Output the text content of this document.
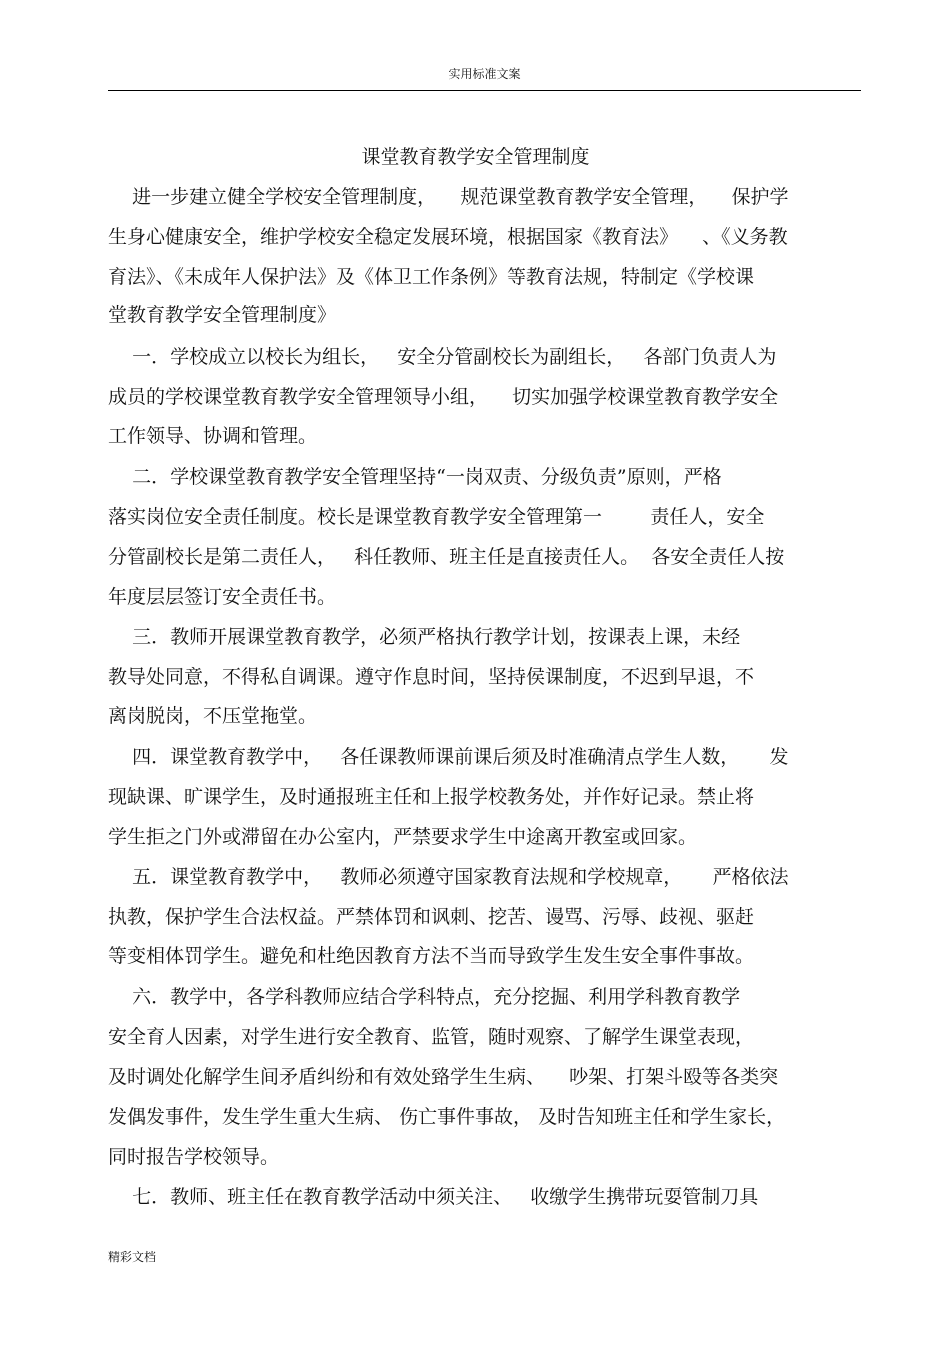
实用标准文案
课堂教育教学安全管理制度
进一步建立健全学校安全管理制度，    规范课堂教育教学安全管理，    保护学
生身心健康安全，维护学校安全稳定发展环境，根据国家《教育法》    、《义务教
育法》、《未成年人保护法》及《体卫工作条例》等教育法规，特制定《学校课
堂教育教学安全管理制度》
一．学校成立以校长为组长，   安全分管副校长为副组长，   各部门负责人为
成员的学校课堂教育教学安全管理领导小组，    切实加强学校课堂教育教学安全
工作领导、协调和管理。
二．学校课堂教育教学安全管理坚持“一岗双责、分级负责”原则，严格
落实岗位安全责任制度。校长是课堂教育教学安全管理第一        责任人，安全
分管副校长是第二责任人，   科任教师、班主任是直接责任人。  各安全责任人按
年度层层签订安全责任书。
三．教师开展课堂教育教学，必须严格执行教学计划，按课表上课，未经
教导处同意，不得私自调课。遵守作息时间，坚持侯课制度，不迟到早退，不
离岗脱岗，不压堂拖堂。
四．课堂教育教学中，   各任课教师课前课后须及时准确清点学生人数，     发
现缺课、旷课学生，及时通报班主任和上报学校教务处，并作好记录。禁止将
学生拒之门外或滞留在办公室内，严禁要求学生中途离开教室或回家。
五．课堂教育教学中，   教师必须遵守国家教育法规和学校规章，     严格依法
执教，保护学生合法权益。严禁体罚和讽刺、挖苦、谩骂、污辱、歧视、驱赶
等变相体罚学生。避免和杜绝因教育方法不当而导致学生发生安全事件事故。
六．教学中，各学科教师应结合学科特点，充分挖掘、利用学科教育教学
安全育人因素，对学生进行安全教育、监管，随时观察、了解学生课堂表现，
及时调处化解学生间矛盾纠纷和有效处臵学生生病、    吵架、打架斗殴等各类突
发偶发事件，发生学生重大生病、 伤亡事件事故， 及时告知班主任和学生家长，
同时报告学校领导。
七．教师、班主任在教育教学活动中须关注、   收缴学生携带玩耍管制刀具
精彩文档
